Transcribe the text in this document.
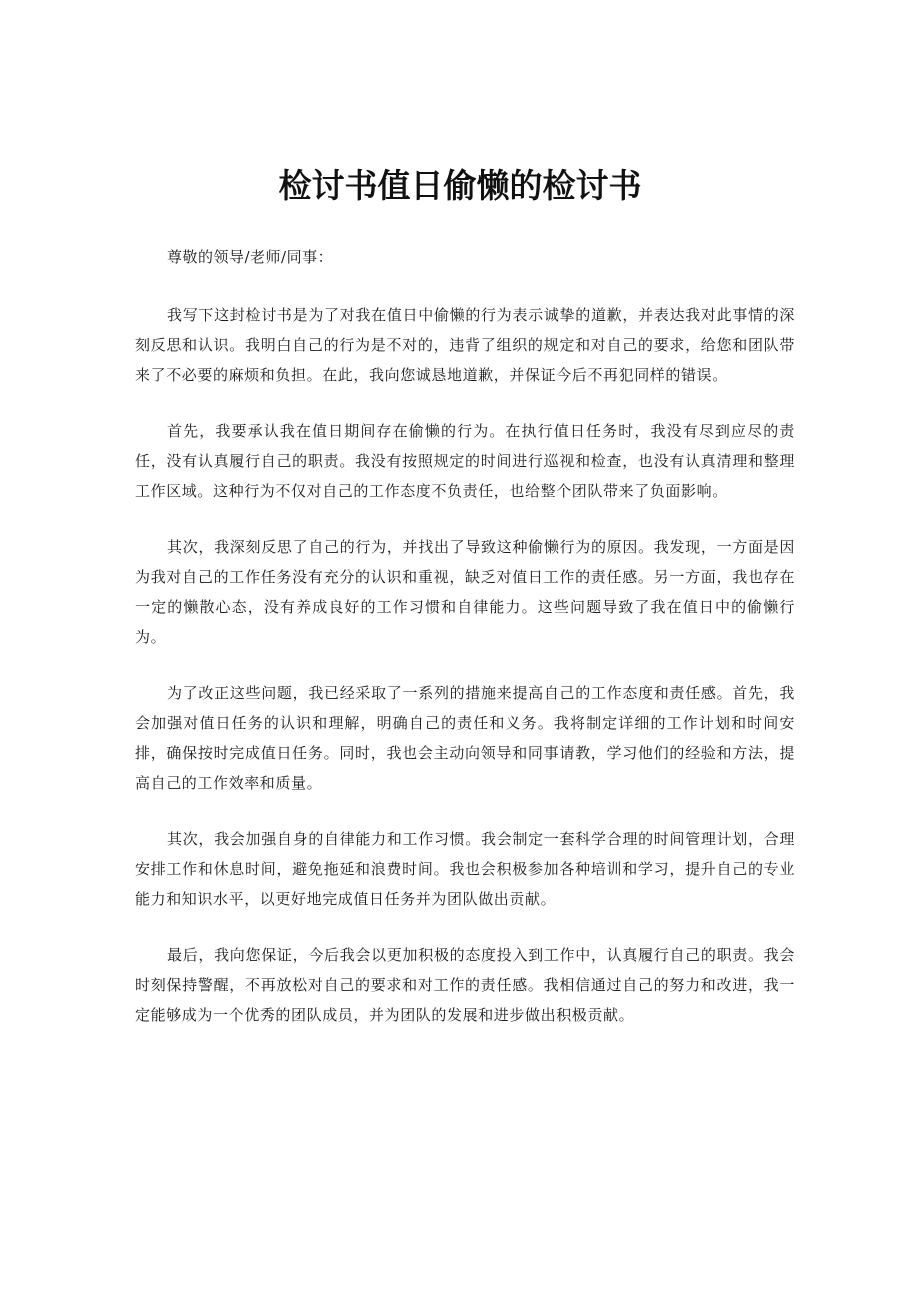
检讨书值日偷懒的检讨书

尊敬的领导/老师/同事：

我写下这封检讨书是为了对我在值日中偷懒的行为表示诚挚的道歉，并表达我对此事情的深刻反思和认识。我明白自己的行为是不对的，违背了组织的规定和对自己的要求，给您和团队带来了不必要的麻烦和负担。在此，我向您诚恳地道歉，并保证今后不再犯同样的错误。

首先，我要承认我在值日期间存在偷懒的行为。在执行值日任务时，我没有尽到应尽的责任，没有认真履行自己的职责。我没有按照规定的时间进行巡视和检查，也没有认真清理和整理工作区域。这种行为不仅对自己的工作态度不负责任，也给整个团队带来了负面影响。

其次，我深刻反思了自己的行为，并找出了导致这种偷懒行为的原因。我发现，一方面是因为我对自己的工作任务没有充分的认识和重视，缺乏对值日工作的责任感。另一方面，我也存在一定的懒散心态，没有养成良好的工作习惯和自律能力。这些问题导致了我在值日中的偷懒行为。

为了改正这些问题，我已经采取了一系列的措施来提高自己的工作态度和责任感。首先，我会加强对值日任务的认识和理解，明确自己的责任和义务。我将制定详细的工作计划和时间安排，确保按时完成值日任务。同时，我也会主动向领导和同事请教，学习他们的经验和方法，提高自己的工作效率和质量。

其次，我会加强自身的自律能力和工作习惯。我会制定一套科学合理的时间管理计划，合理安排工作和休息时间，避免拖延和浪费时间。我也会积极参加各种培训和学习，提升自己的专业能力和知识水平，以更好地完成值日任务并为团队做出贡献。

最后，我向您保证，今后我会以更加积极的态度投入到工作中，认真履行自己的职责。我会时刻保持警醒，不再放松对自己的要求和对工作的责任感。我相信通过自己的努力和改进，我一定能够成为一个优秀的团队成员，并为团队的发展和进步做出积极贡献。
